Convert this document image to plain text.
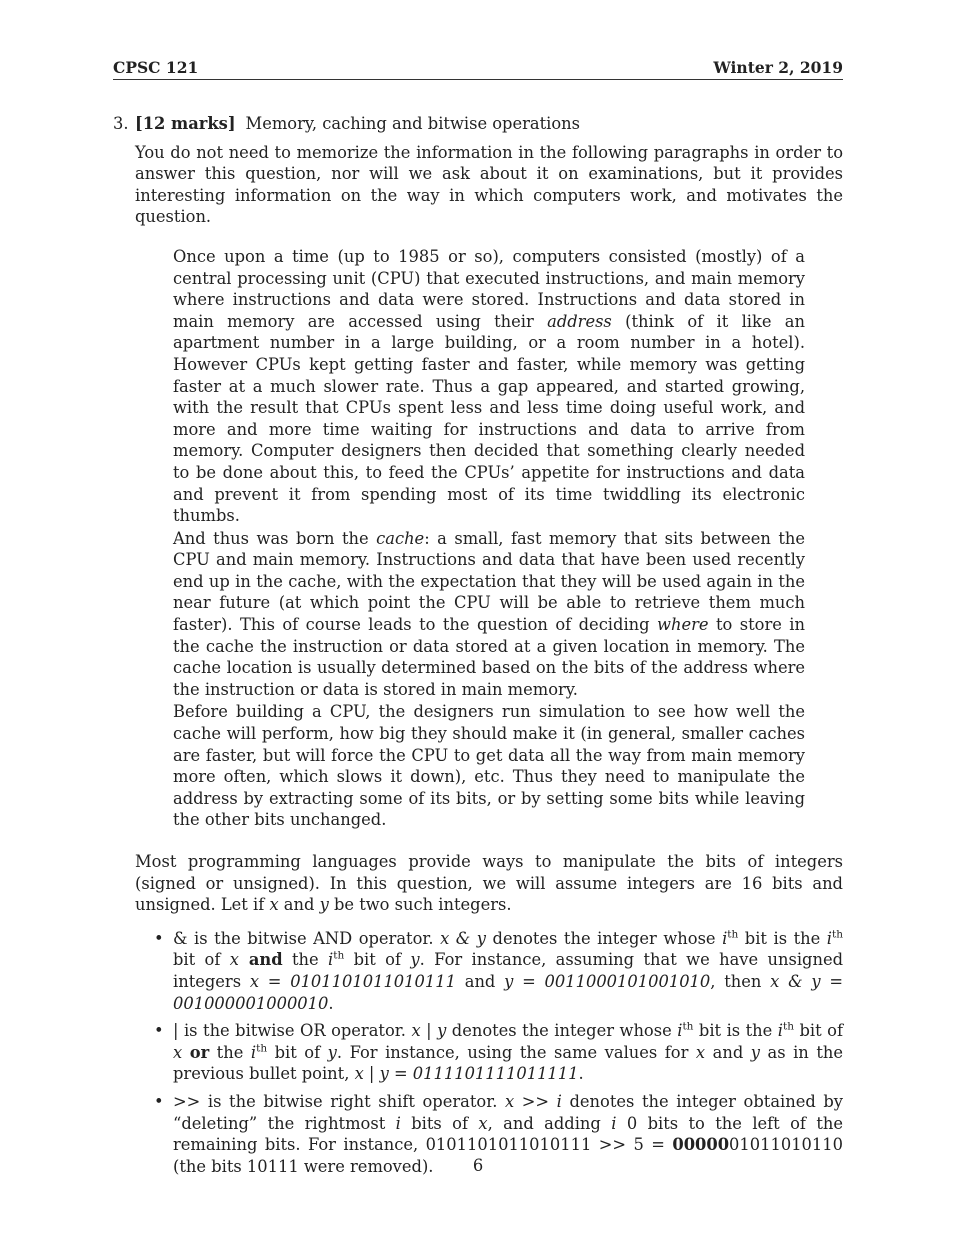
CPSC 121	Winter 2, 2019

3. [12 marks] Memory, caching and bitwise operations

You do not need to memorize the information in the following paragraphs in order to answer this question, nor will we ask about it on examinations, but it provides interesting information on the way in which computers work, and motivates the question.

Once upon a time (up to 1985 or so), computers consisted (mostly) of a central processing unit (CPU) that executed instructions, and main memory where instructions and data were stored. Instructions and data stored in main memory are accessed using their address (think of it like an apartment number in a large building, or a room number in a hotel). However CPUs kept getting faster and faster, while memory was getting faster at a much slower rate. Thus a gap appeared, and started growing, with the result that CPUs spent less and less time doing useful work, and more and more time waiting for instructions and data to arrive from memory. Computer designers then decided that something clearly needed to be done about this, to feed the CPUs’ appetite for instructions and data and prevent it from spending most of its time twiddling its electronic thumbs.

And thus was born the cache: a small, fast memory that sits between the CPU and main memory. Instructions and data that have been used recently end up in the cache, with the expectation that they will be used again in the near future (at which point the CPU will be able to retrieve them much faster). This of course leads to the question of deciding where to store in the cache the instruction or data stored at a given location in memory. The cache location is usually determined based on the bits of the address where the instruction or data is stored in main memory.

Before building a CPU, the designers run simulation to see how well the cache will perform, how big they should make it (in general, smaller caches are faster, but will force the CPU to get data all the way from main memory more often, which slows it down), etc. Thus they need to manipulate the address by extracting some of its bits, or by setting some bits while leaving the other bits unchanged.

Most programming languages provide ways to manipulate the bits of integers (signed or unsigned). In this question, we will assume integers are 16 bits and unsigned. Let if x and y be two such integers.

• & is the bitwise AND operator. x & y denotes the integer whose $i^{th}$ bit is the $i^{th}$ bit of x and the $i^{th}$ bit of y. For instance, assuming that we have unsigned integers x = 0101101011010111 and y = 0011000101001010, then x & y = 001000001000010.
• | is the bitwise OR operator. x | y denotes the integer whose $i^{th}$ bit is the $i^{th}$ bit of x or the $i^{th}$ bit of y. For instance, using the same values for x and y as in the previous bullet point, x | y = 0111101111011111.
• >> is the bitwise right shift operator. x >> i denotes the integer obtained by “deleting” the rightmost i bits of x, and adding i 0 bits to the left of the remaining bits. For instance, 0101101011010111 >> 5 = 0000001011010110 (the bits 10111 were removed).	6
